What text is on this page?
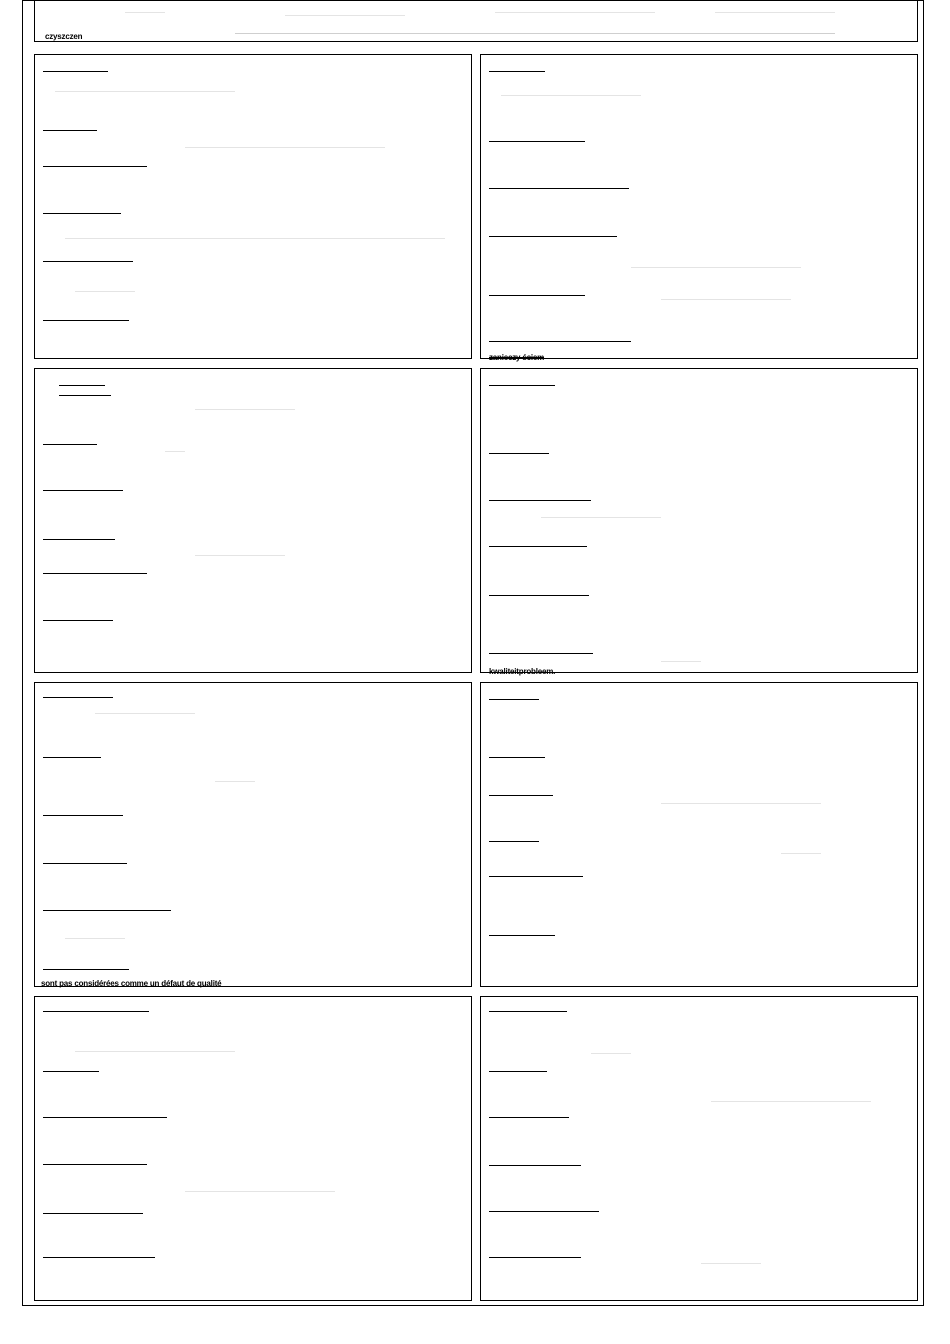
czyszczen
zanieczy ściem
kwaliteitprobleem.
sont pas considérées comme un défaut de qualité
